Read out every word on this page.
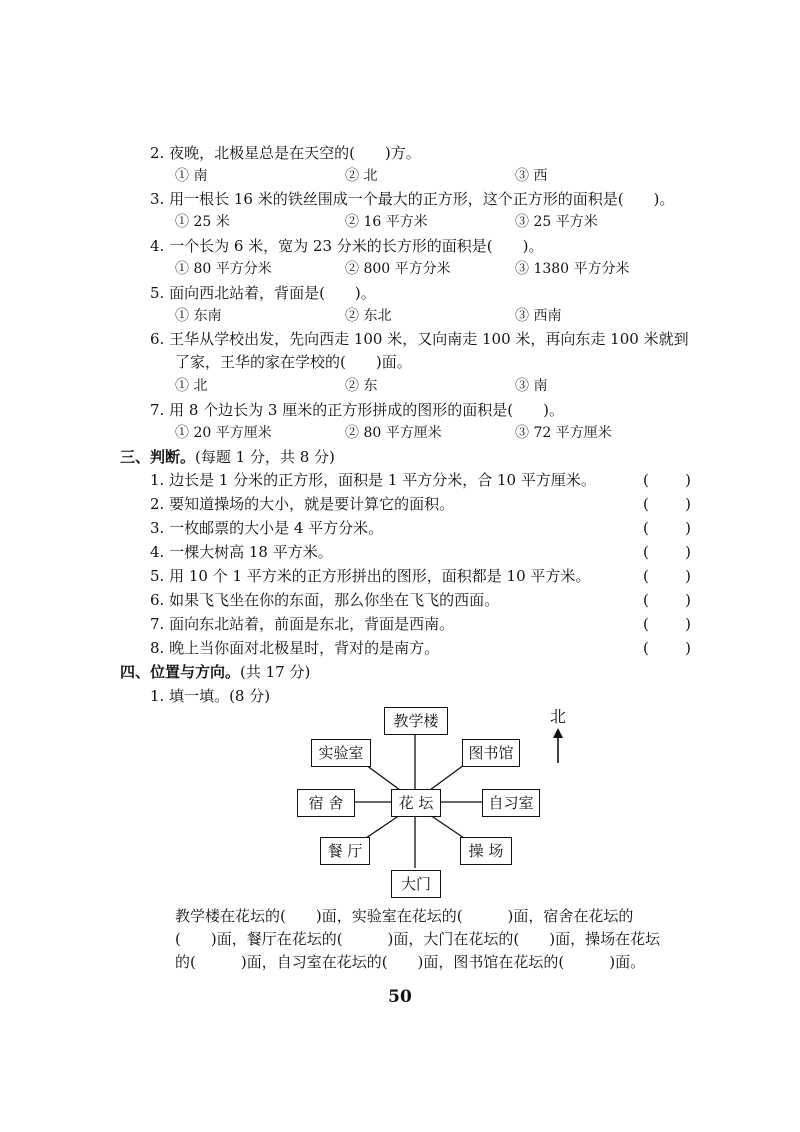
2. 夜晚，北极星总是在天空的(　　)方。
① 南	② 北	③ 西
3. 用一根长 16 米的铁丝围成一个最大的正方形，这个正方形的面积是(　　)。
① 25 米	② 16 平方米	③ 25 平方米
4. 一个长为 6 米，宽为 23 分米的长方形的面积是(　　)。
① 80 平方分米	② 800 平方分米	③ 1380 平方分米
5. 面向西北站着，背面是(　　)。
① 东南	② 东北	③ 西南
6. 王华从学校出发，先向西走 100 米，又向南走 100 米，再向东走 100 米就到
了家，王华的家在学校的(　　)面。
① 北	② 东	③ 南
7. 用 8 个边长为 3 厘米的正方形拼成的图形的面积是(　　)。
① 20 平方厘米	② 80 平方厘米	③ 72 平方厘米
三、判断。(每题 1 分，共 8 分)
1. 边长是 1 分米的正方形，面积是 1 平方分米，合 10 平方厘米。	( )
2. 要知道操场的大小，就是要计算它的面积。	( )
3. 一枚邮票的大小是 4 平方分米。	( )
4. 一棵大树高 18 平方米。	( )
5. 用 10 个 1 平方米的正方形拼出的图形，面积都是 10 平方米。	( )
6. 如果飞飞坐在你的东面，那么你坐在飞飞的西面。	( )
7. 面向东北站着，前面是东北，背面是西南。	( )
8. 晚上当你面对北极星时，背对的是南方。	( )
四、位置与方向。(共 17 分)
1. 填一填。(8 分)
北
教学楼
实验室	图书馆
宿 舍	花 坛	自习室
餐 厅	操 场
大门
教学楼在花坛的(　　)面，实验室在花坛的(　　　)面，宿舍在花坛的
(　　)面，餐厅在花坛的(　　　)面，大门在花坛的(　　)面，操场在花坛
的(　　　)面，自习室在花坛的(　　)面，图书馆在花坛的(　　　)面。
50
